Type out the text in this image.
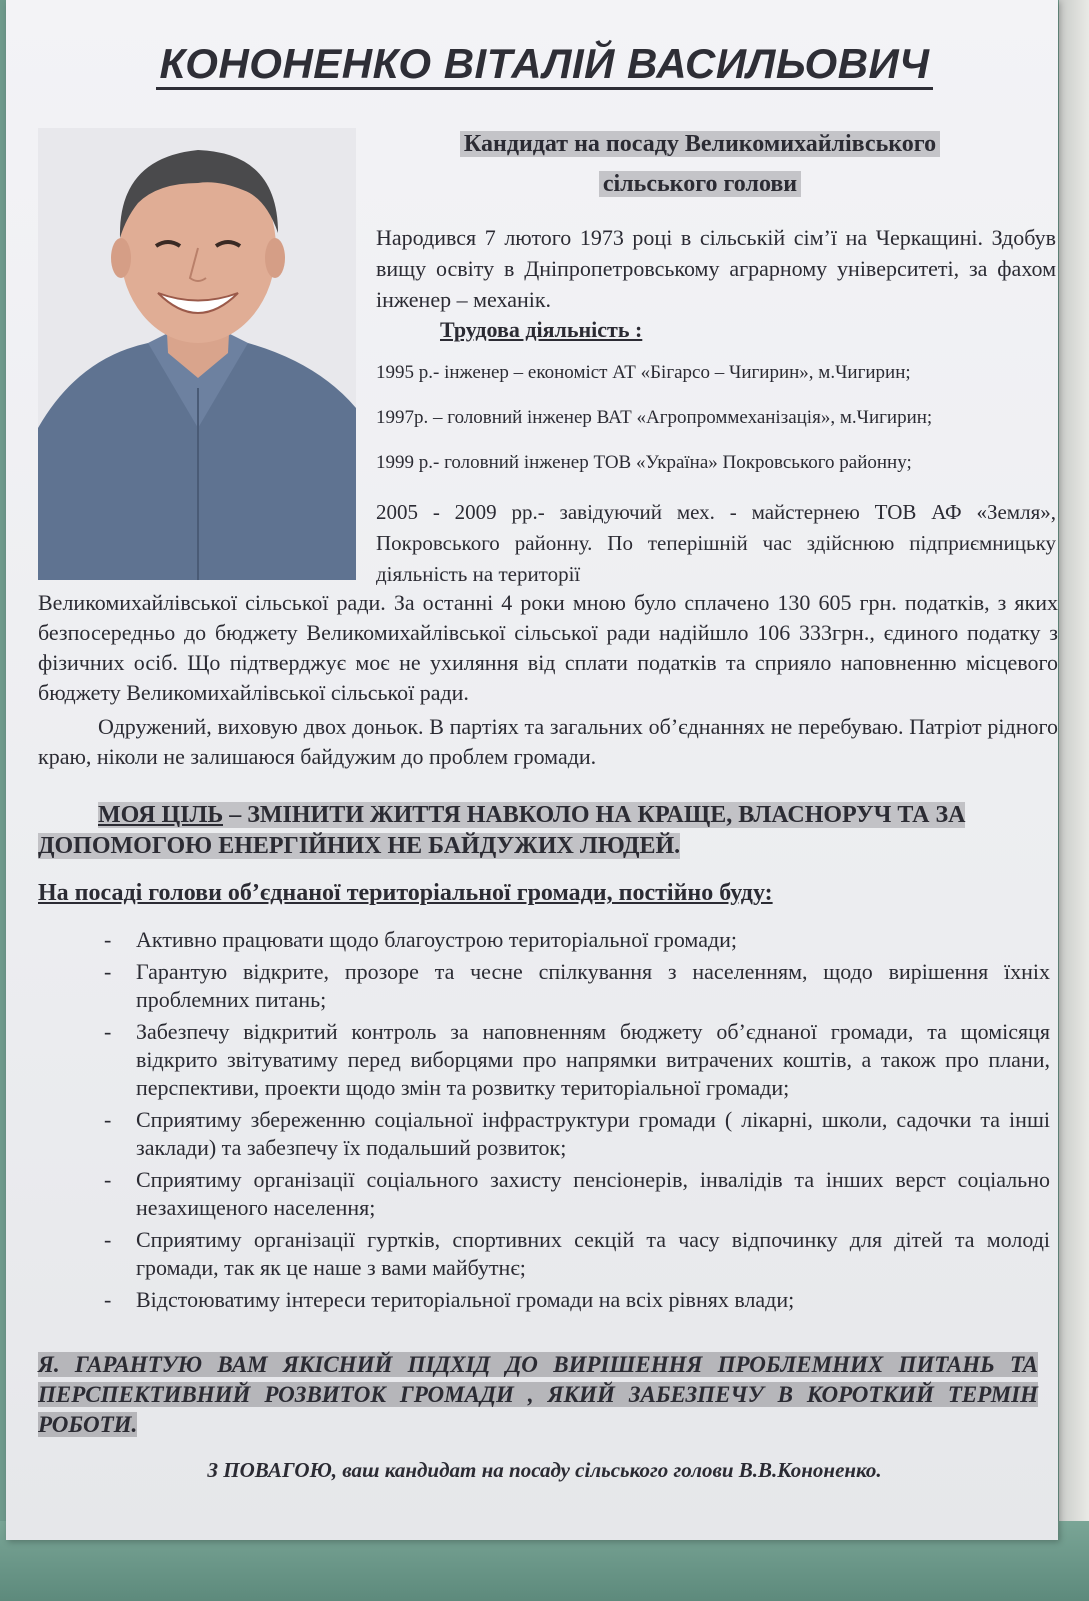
КОНОНЕНКО ВІТАЛІЙ ВАСИЛЬОВИЧ
Кандидат на посаду Великомихайлівського
сільського голови
Народився 7 лютого 1973 році в сільській сім’ї на Черкащині. Здобув вищу освіту в Дніпропетровському аграрному університеті, за фахом інженер – механік.
Трудова діяльність :
1995 р.- інженер – економіст АТ «Бігарсо – Чигирин», м.Чигирин;
1997р. – головний інженер ВАТ «Агропроммеханізація», м.Чигирин;
1999 р.- головний інженер ТОВ «Україна» Покровського районну;
2005 - 2009 рр.- завідуючий мех. - майстернею ТОВ АФ «Земля», Покровського районну. По теперішній час здійснюю підприємницьку діяльність на території
Великомихайлівської сільської ради. За останні 4 роки мною було сплачено 130 605 грн. податків, з яких безпосередньо до бюджету Великомихайлівської сільської ради надійшло 106 333грн., єдиного податку з фізичних осіб. Що підтверджує моє не ухиляння від сплати податків та сприяло наповненню місцевого бюджету Великомихайлівської сільської ради.
Одружений, виховую двох доньок. В партіях та загальних об’єднаннях не перебуваю. Патріот рідного краю, ніколи не залишаюся байдужим до проблем громади.
МОЯ ЦІЛЬ – ЗМІНИТИ ЖИТТЯ НАВКОЛО НА КРАЩЕ, ВЛАСНОРУЧ ТА ЗА ДОПОМОГОЮ ЕНЕРГІЙНИХ НЕ БАЙДУЖИХ ЛЮДЕЙ.
На посаді голови об’єднаної територіальної громади, постійно буду:
- Активно працювати щодо благоустрою територіальної громади;
- Гарантую відкрите, прозоре та чесне спілкування з населенням, щодо вирішення їхніх проблемних питань;
- Забезпечу відкритий контроль за наповненням бюджету об’єднаної громади, та щомісяця відкрито звітуватиму перед виборцями про напрямки витрачених коштів, а також про плани, перспективи, проекти щодо змін та розвитку територіальної громади;
- Сприятиму збереженню соціальної інфраструктури громади ( лікарні, школи, садочки та інші заклади) та забезпечу їх подальший розвиток;
- Сприятиму організації соціального захисту пенсіонерів, інвалідів та інших верст соціально незахищеного населення;
- Сприятиму організації гуртків, спортивних секцій та часу відпочинку для дітей та молоді громади, так як це наше з вами майбутнє;
- Відстоюватиму інтереси територіальної громади на всіх рівнях влади;
Я. ГАРАНТУЮ ВАМ ЯКІСНИЙ ПІДХІД ДО ВИРІШЕННЯ ПРОБЛЕМНИХ ПИТАНЬ ТА ПЕРСПЕКТИВНИЙ РОЗВИТОК ГРОМАДИ , ЯКИЙ ЗАБЕЗПЕЧУ В КОРОТКИЙ ТЕРМІН РОБОТИ.
З ПОВАГОЮ, ваш кандидат на посаду сільського голови В.В.Кононенко.
